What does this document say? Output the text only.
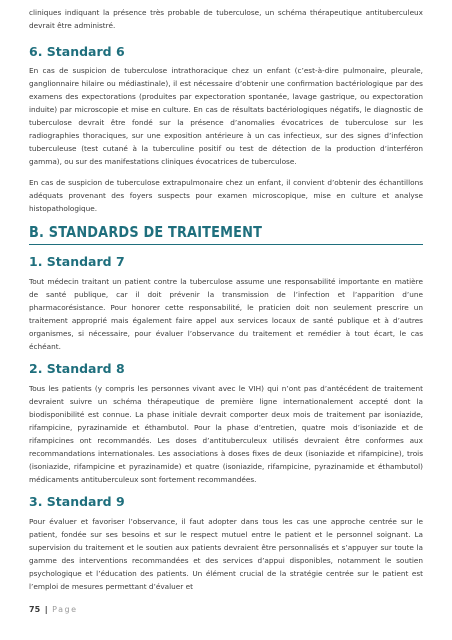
cliniques indiquant la présence très probable de tuberculose, un schéma thérapeutique antituberculeux devrait être administré.

6. Standard 6

En cas de suspicion de tuberculose intrathoracique chez un enfant (c’est-à-dire pulmonaire, pleurale, ganglionnaire hilaire ou médiastinale), il est nécessaire d’obtenir une confirmation bactériologique par des examens des expectorations (produites par expectoration spontanée, lavage gastrique, ou expectoration induite) par microscopie et mise en culture. En cas de résultats bactériologiques négatifs, le diagnostic de tuberculose devrait être fondé sur la présence d’anomalies évocatrices de tuberculose sur les radiographies thoraciques, sur une exposition antérieure à un cas infectieux, sur des signes d’infection tuberculeuse (test cutané à la tuberculine positif ou test de détection de la production d’interféron gamma), ou sur des manifestations cliniques évocatrices de tuberculose.

En cas de suspicion de tuberculose extrapulmonaire chez un enfant, il convient d’obtenir des échantillons adéquats provenant des foyers suspects pour examen microscopique, mise en culture et analyse histopathologique.

B. STANDARDS DE TRAITEMENT
1. Standard 7

Tout médecin traitant un patient contre la tuberculose assume une responsabilité importante en matière de santé publique, car il doit prévenir la transmission de l’infection et l’apparition d’une pharmacorésistance. Pour honorer cette responsabilité, le praticien doit non seulement prescrire un traitement approprié mais également faire appel aux services locaux de santé publique et à d’autres organismes, si nécessaire, pour évaluer l’observance du traitement et remédier à tout écart, le cas échéant.

2. Standard 8

Tous les patients (y compris les personnes vivant avec le VIH) qui n’ont pas d’antécédent de traitement devraient suivre un schéma thérapeutique de première ligne internationalement accepté dont la biodisponibilité est connue. La phase initiale devrait comporter deux mois de traitement par isoniazide, rifampicine, pyrazinamide et éthambutol. Pour la phase d’entretien, quatre mois d’isoniazide et de rifampicines ont recommandés. Les doses d’antituberculeux utilisés devraient être conformes aux recommandations internationales. Les associations à doses fixes de deux (isoniazide et rifampicine), trois (isoniazide, rifampicine et pyrazinamide) et quatre (isoniazide, rifampicine, pyrazinamide et éthambutol) médicaments antituberculeux sont fortement recommandées.

3. Standard 9

Pour évaluer et favoriser l’observance, il faut adopter dans tous les cas une approche centrée sur le patient, fondée sur ses besoins et sur le respect mutuel entre le patient et le personnel soignant. La supervision du traitement et le soutien aux patients devraient être personnalisés et s’appuyer sur toute la gamme des interventions recommandées et des services d’appui disponibles, notamment le soutien psychologique et l’éducation des patients. Un élément crucial de la stratégie centrée sur le patient est l’emploi de mesures permettant d’évaluer et

75 | Page
